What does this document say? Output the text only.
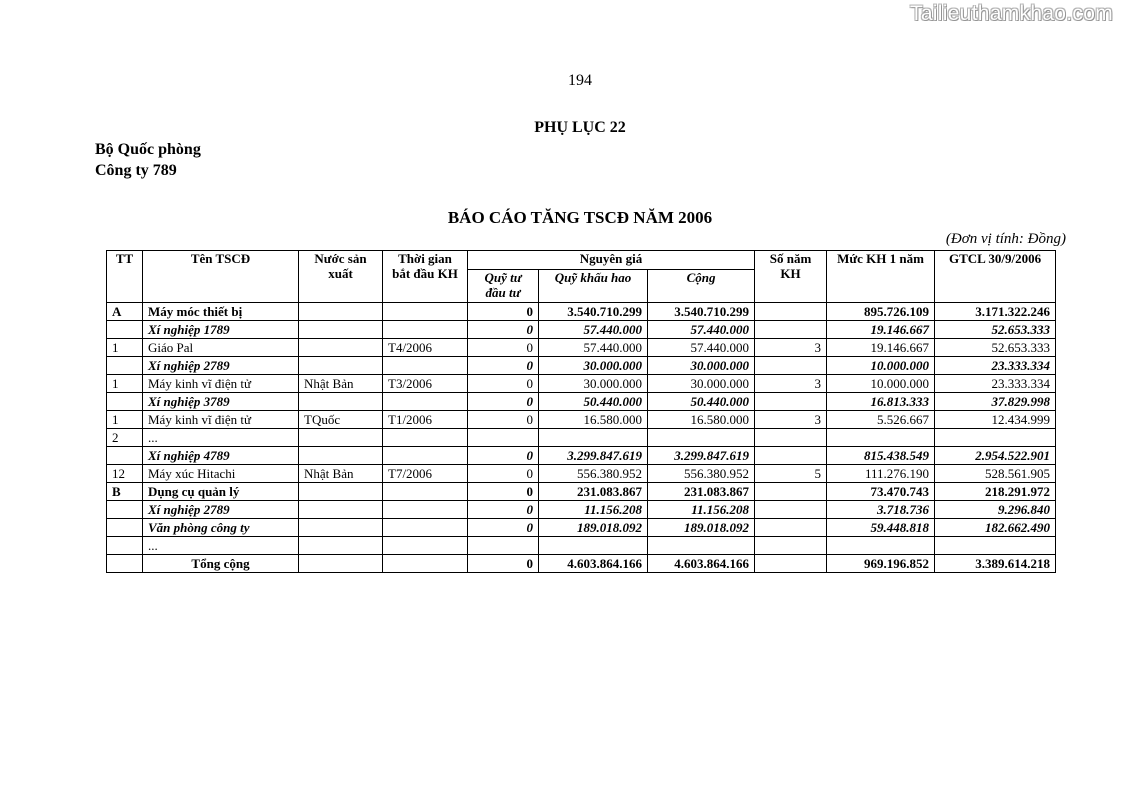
Tailieuthamkhao.com
194
PHỤ LỤC 22
Bộ Quốc phòng
Công ty 789
BÁO CÁO TĂNG TSCĐ NĂM 2006
(Đơn vị tính: Đồng)
TT	Tên TSCĐ	Nước sản xuất	Thời gian bắt đầu KH	Nguyên giá			Số năm KH	Mức KH 1 năm	GTCL 30/9/2006
				Quỹ tư đầu tư	Quỹ khấu hao	Cộng			
A	Máy móc thiết bị			0	3.540.710.299	3.540.710.299		895.726.109	3.171.322.246
	Xí nghiệp 1789			0	57.440.000	57.440.000		19.146.667	52.653.333
1	Giáo Pal		T4/2006	0	57.440.000	57.440.000	3	19.146.667	52.653.333
	Xí nghiệp 2789			0	30.000.000	30.000.000		10.000.000	23.333.334
1	Máy kinh vĩ điện tử	Nhật Bản	T3/2006	0	30.000.000	30.000.000	3	10.000.000	23.333.334
	Xí nghiệp 3789			0	50.440.000	50.440.000		16.813.333	37.829.998
1	Máy kinh vĩ điện tử	TQuốc	T1/2006	0	16.580.000	16.580.000	3	5.526.667	12.434.999
2	...								
	Xí nghiệp 4789			0	3.299.847.619	3.299.847.619		815.438.549	2.954.522.901
12	Máy xúc Hitachi	Nhật Bản	T7/2006	0	556.380.952	556.380.952	5	111.276.190	528.561.905
B	Dụng cụ quản lý			0	231.083.867	231.083.867		73.470.743	218.291.972
	Xí nghiệp 2789			0	11.156.208	11.156.208		3.718.736	9.296.840
	Văn phòng công ty			0	189.018.092	189.018.092		59.448.818	182.662.490
	...								
	Tổng cộng			0	4.603.864.166	4.603.864.166		969.196.852	3.389.614.218
